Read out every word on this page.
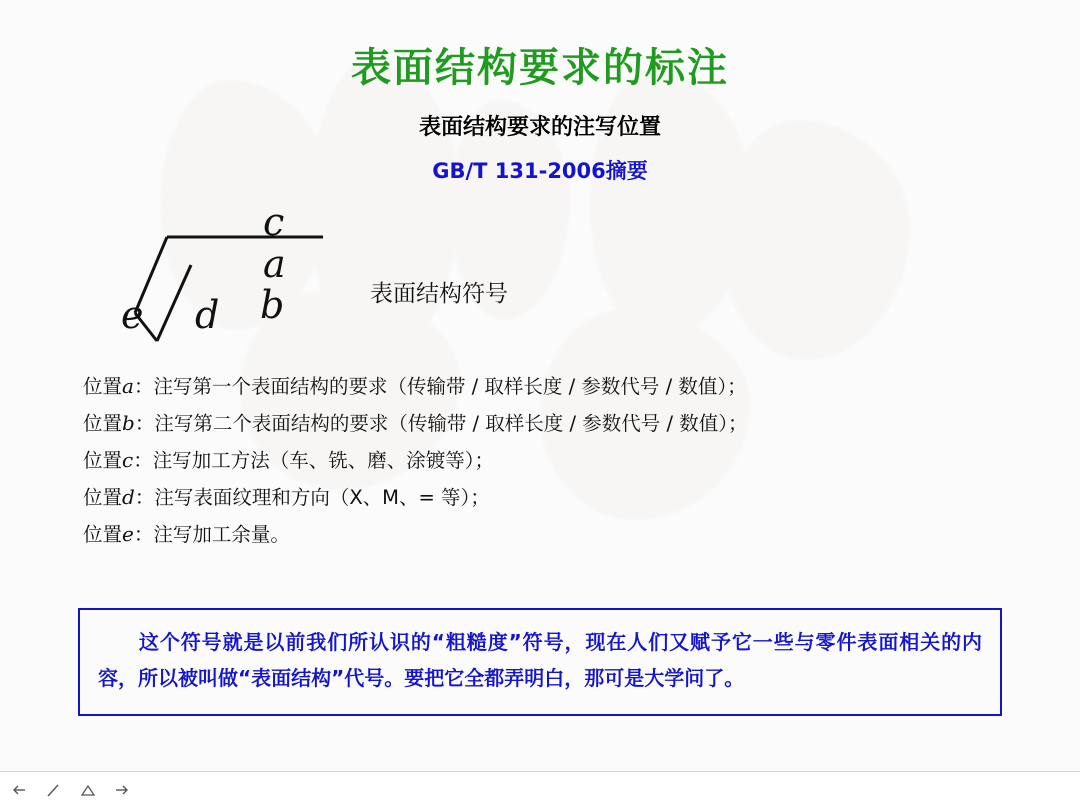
表面结构要求的标注
表面结构要求的注写位置
GB/T 131-2006摘要
c
a
b
d
e	表面结构符号
位置a：注写第一个表面结构的要求（传输带 / 取样长度 / 参数代号 / 数值）；
位置b：注写第二个表面结构的要求（传输带 / 取样长度 / 参数代号 / 数值）；
位置c：注写加工方法（车、铣、磨、涂镀等）；
位置d：注写表面纹理和方向（X、M、= 等）；
位置e：注写加工余量。
这个符号就是以前我们所认识的“粗糙度”符号，现在人们又赋予它一些与零件表面相关的内容，所以被叫做“表面结构”代号。要把它全都弄明白，那可是大学问了。
